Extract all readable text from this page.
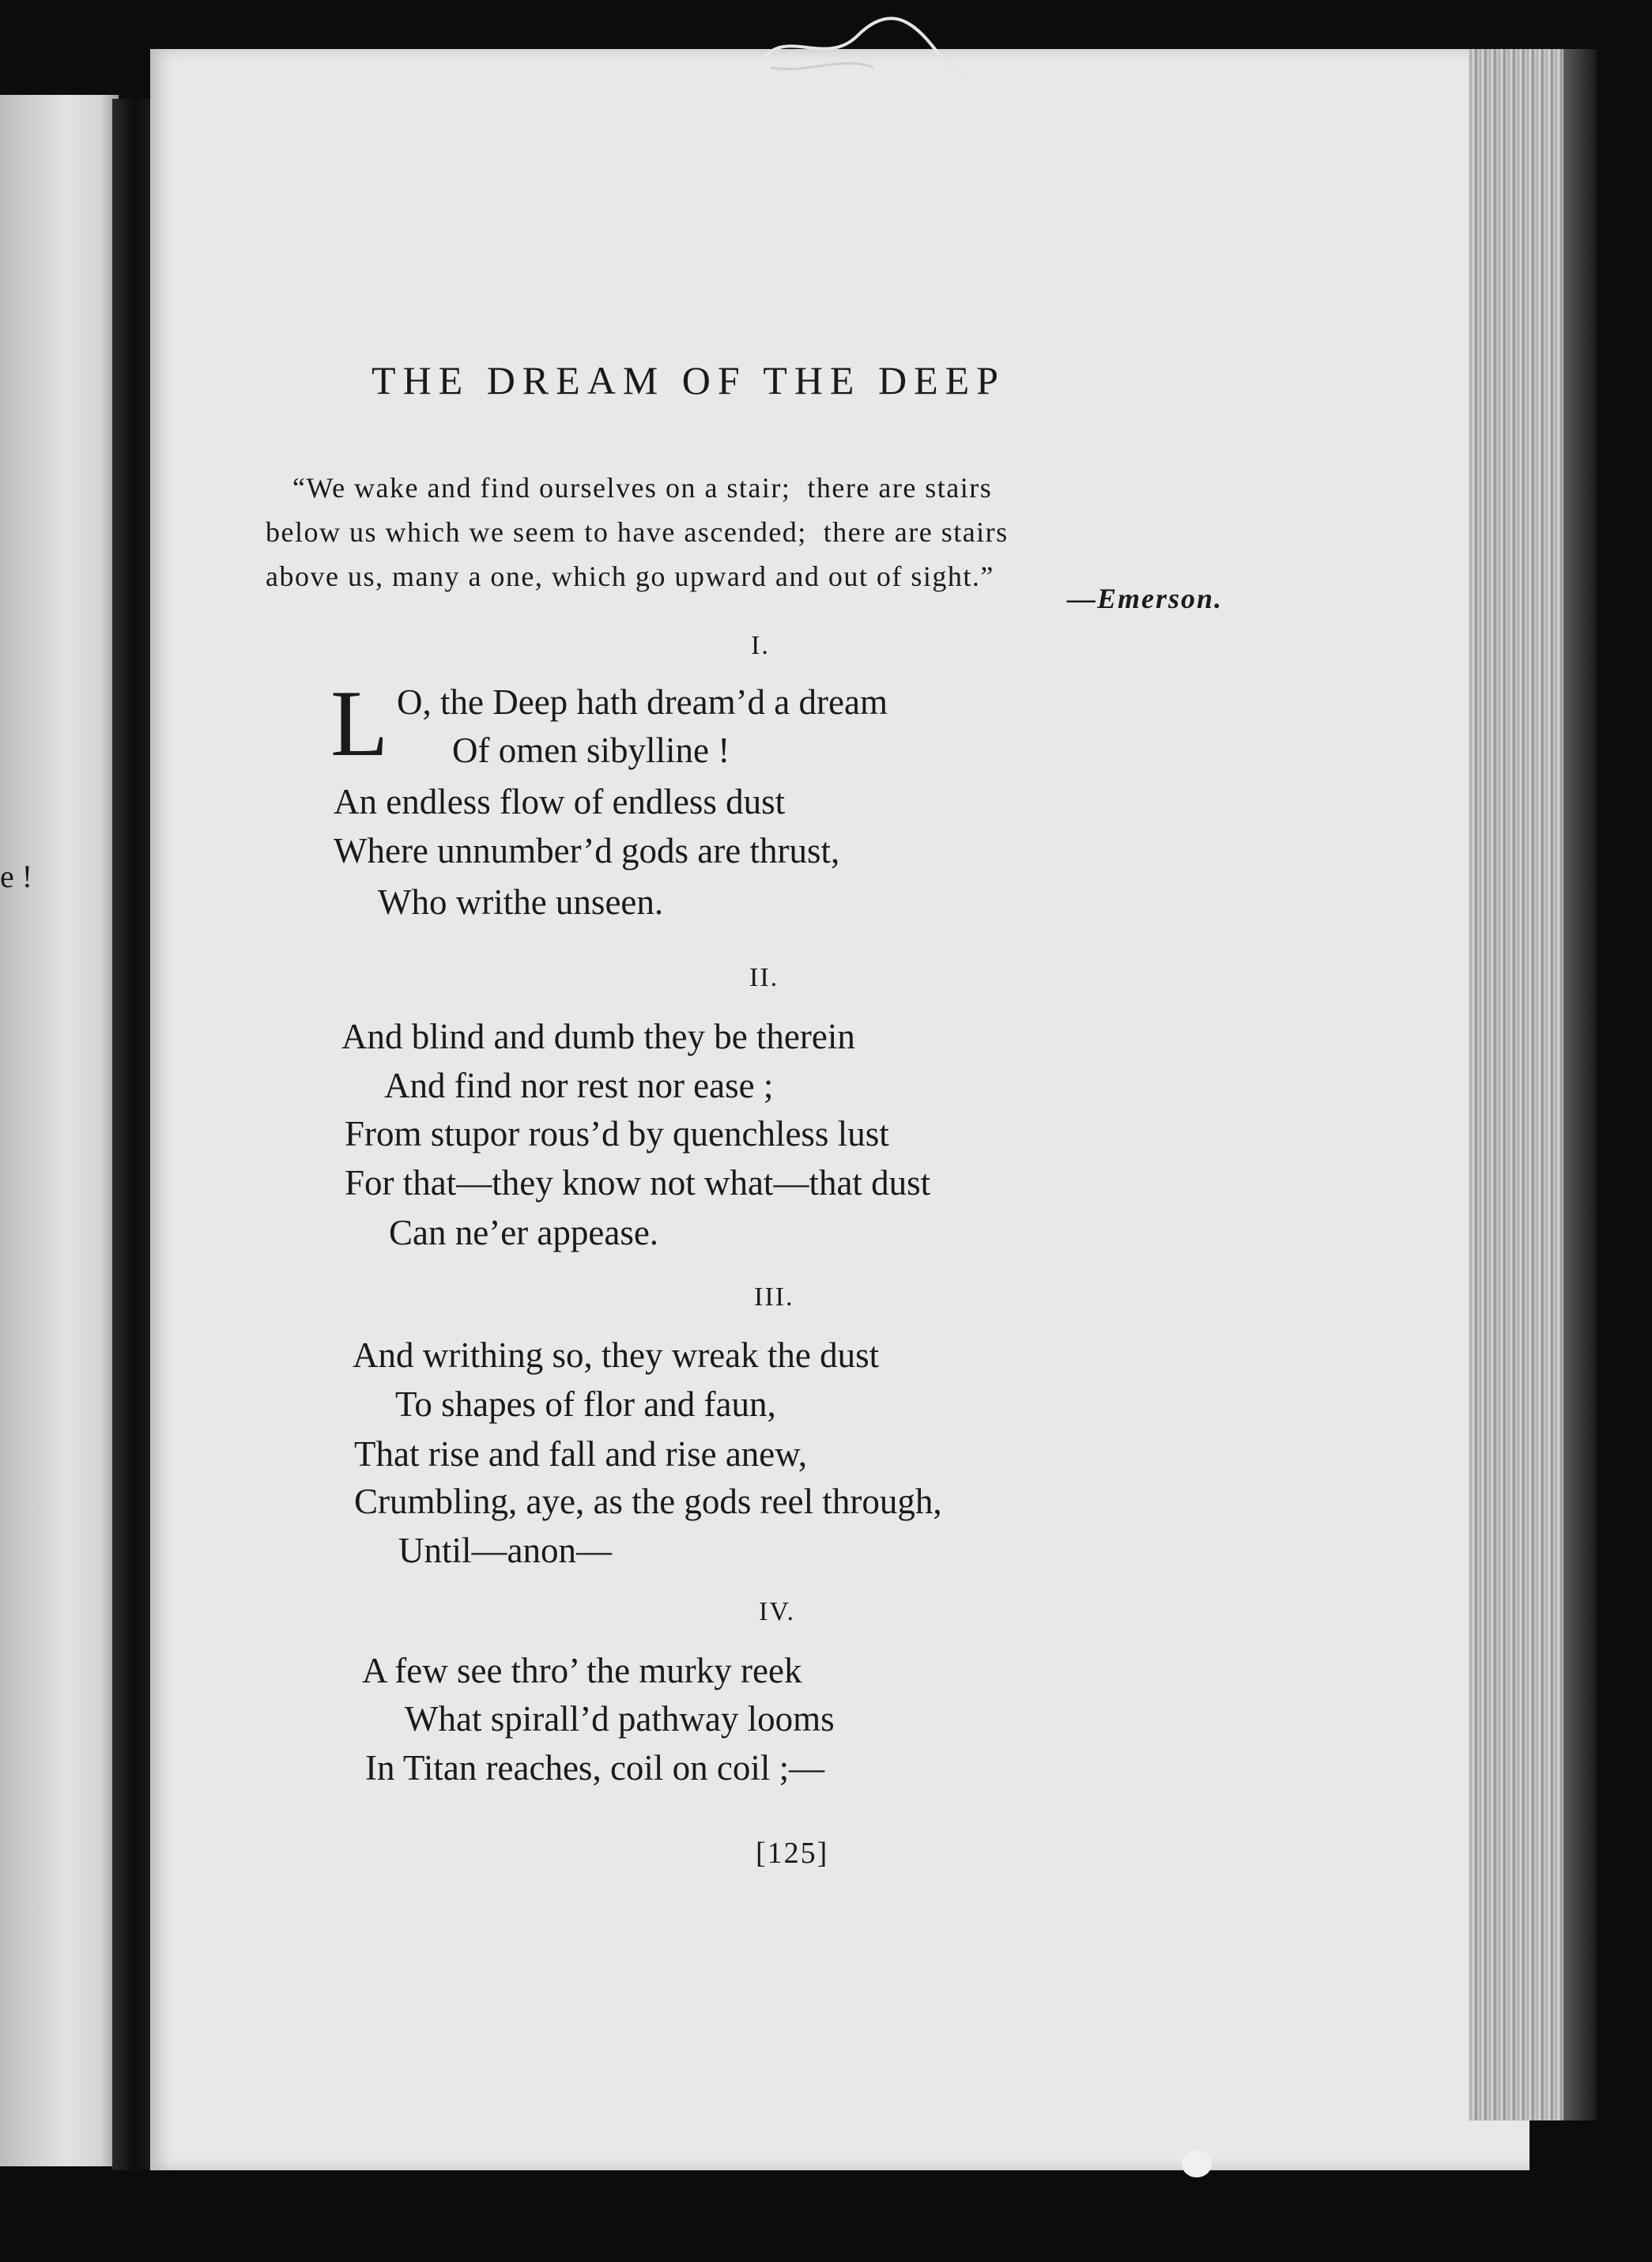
e !
THE DREAM OF THE DEEP
“We wake and find ourselves on a stair;  there are stairs
below us which we seem to have ascended;  there are stairs
above us, many a one, which go upward and out of sight.”
—Emerson.
I.
L O, the Deep hath dream’d a dream
Of omen sibylline !
An endless flow of endless dust
Where unnumber’d gods are thrust,
Who writhe unseen.
II.
And blind and dumb they be therein
And find nor rest nor ease ;
From stupor rous’d by quenchless lust
For that—they know not what—that dust
Can ne’er appease.
III.
And writhing so, they wreak the dust
To shapes of flor and faun,
That rise and fall and rise anew,
Crumbling, aye, as the gods reel through,
Until—anon—
IV.
A few see thro’ the murky reek
What spirall’d pathway looms
In Titan reaches, coil on coil ;—
[125]
